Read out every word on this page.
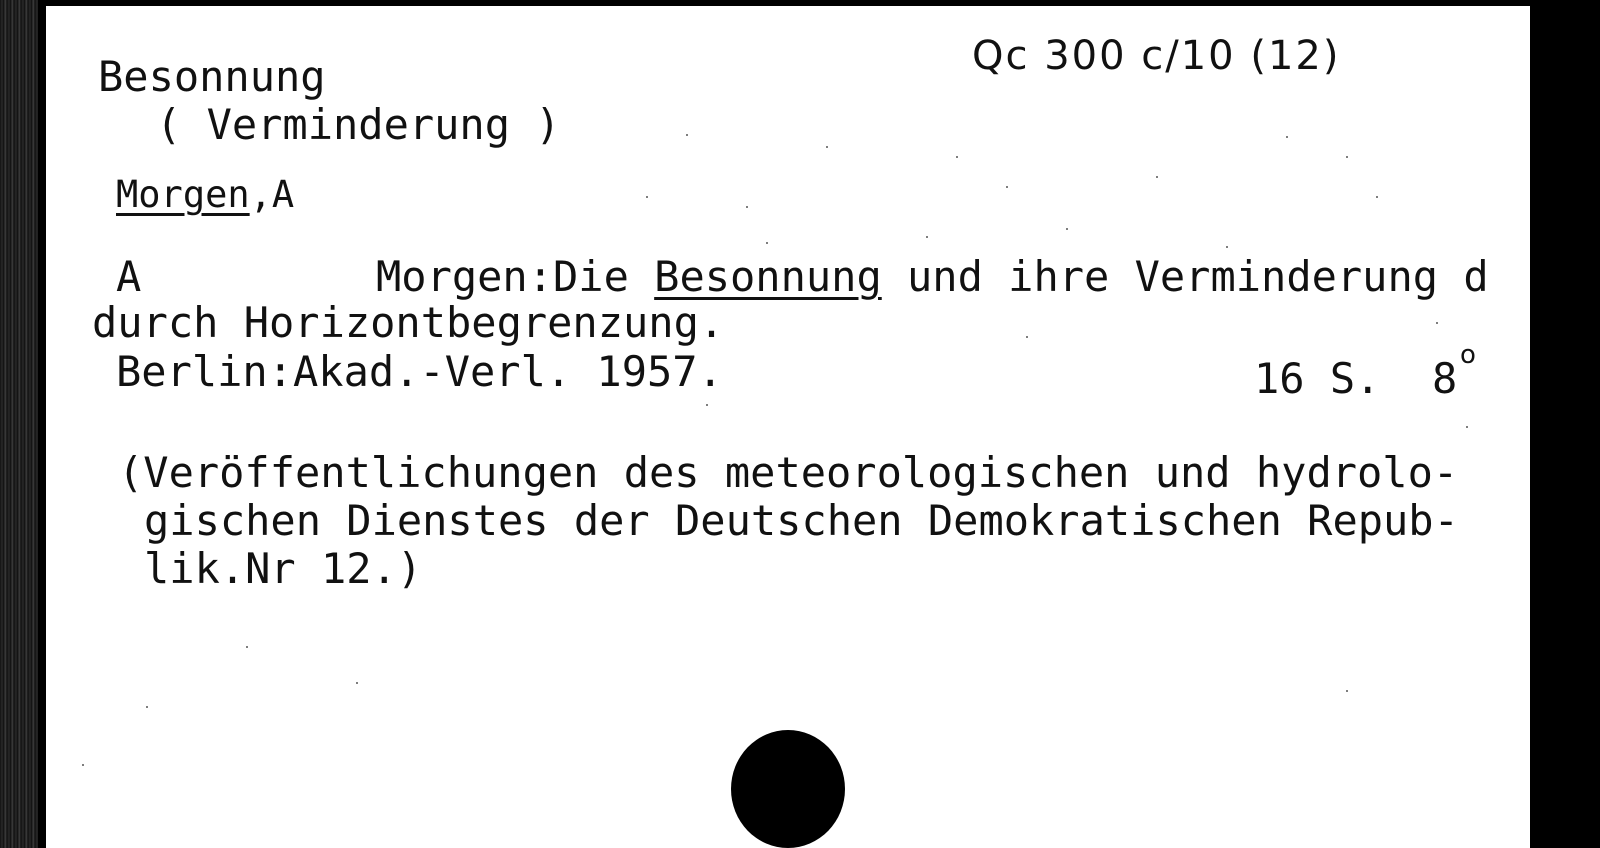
Besonnung	Qc 300 c/10 (12)
( Verminderung )
Morgen,A
A	Morgen:Die Besonnung und ihre Verminderung d
durch Horizontbegrenzung.
Berlin:Akad.-Verl. 1957.	16 S. 8 o
(Veröffentlichungen des meteorologischen und hydrolo-
gischen Dienstes der Deutschen Demokratischen Repub-
lik.Nr 12.)
